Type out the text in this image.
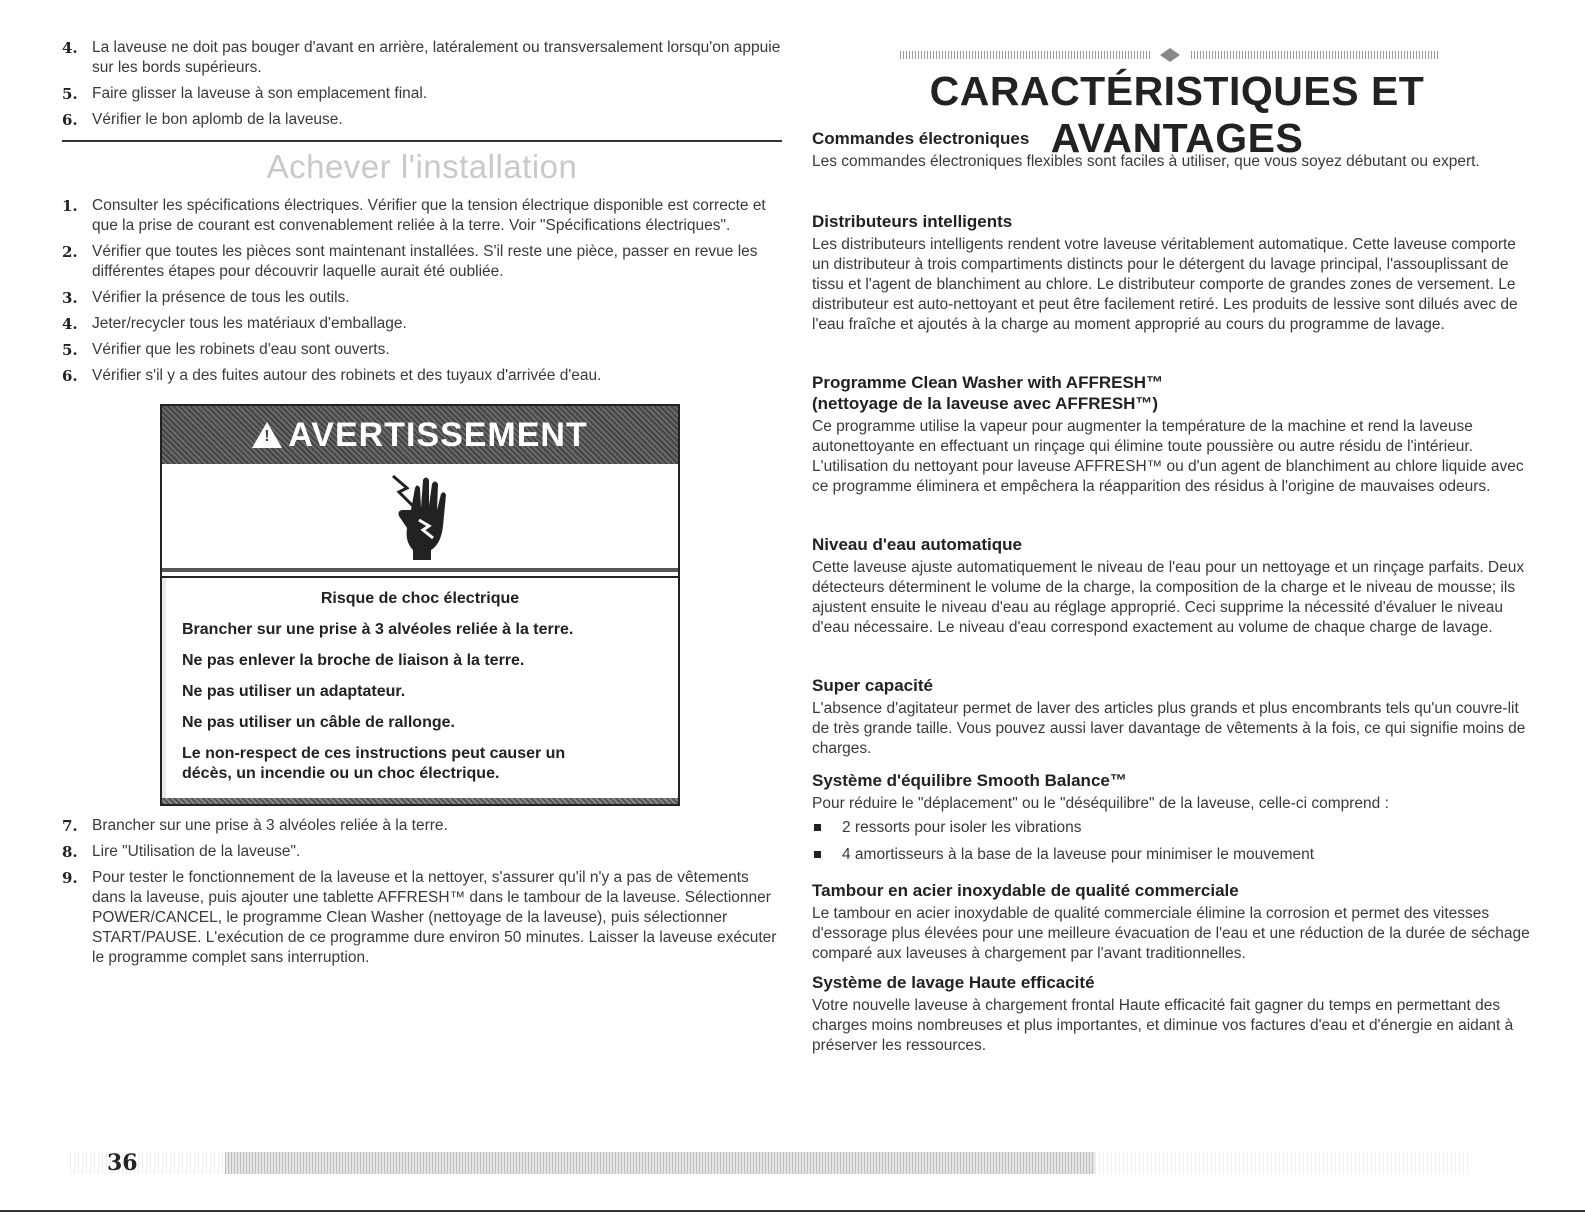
4. La laveuse ne doit pas bouger d'avant en arrière, latéralement ou transversalement lorsqu'on appuie sur les bords supérieurs.
5. Faire glisser la laveuse à son emplacement final.
6. Vérifier le bon aplomb de la laveuse.
Achever l'installation
1. Consulter les spécifications électriques. Vérifier que la tension électrique disponible est correcte et que la prise de courant est convenablement reliée à la terre. Voir "Spécifications électriques".
2. Vérifier que toutes les pièces sont maintenant installées. S'il reste une pièce, passer en revue les différentes étapes pour découvrir laquelle aurait été oubliée.
3. Vérifier la présence de tous les outils.
4. Jeter/recycler tous les matériaux d'emballage.
5. Vérifier que les robinets d'eau sont ouverts.
6. Vérifier s'il y a des fuites autour des robinets et des tuyaux d'arrivée d'eau.
!
AVERTISSEMENT
Risque de choc électrique

Brancher sur une prise à 3 alvéoles reliée à la terre.

Ne pas enlever la broche de liaison à la terre.

Ne pas utiliser un adaptateur.

Ne pas utiliser un câble de rallonge.

Le non-respect de ces instructions peut causer un décès, un incendie ou un choc électrique.

7. Brancher sur une prise à 3 alvéoles reliée à la terre.
8. Lire "Utilisation de la laveuse".
9. Pour tester le fonctionnement de la laveuse et la nettoyer, s'assurer qu'il n'y a pas de vêtements dans la laveuse, puis ajouter une tablette AFFRESH™ dans le tambour de la laveuse. Sélectionner POWER/CANCEL, le programme Clean Washer (nettoyage de la laveuse), puis sélectionner START/PAUSE. L'exécution de ce programme dure environ 50 minutes. Laisser la laveuse exécuter le programme complet sans interruption.
CARACTÉRISTIQUES ET AVANTAGES
Commandes électroniques

Les commandes électroniques flexibles sont faciles à utiliser, que vous soyez débutant ou expert.

Distributeurs intelligents

Les distributeurs intelligents rendent votre laveuse véritablement automatique. Cette laveuse comporte un distributeur à trois compartiments distincts pour le détergent du lavage principal, l'assouplissant de tissu et l'agent de blanchiment au chlore. Le distributeur comporte de grandes zones de versement. Le distributeur est auto-nettoyant et peut être facilement retiré. Les produits de lessive sont dilués avec de l'eau fraîche et ajoutés à la charge au moment approprié au cours du programme de lavage.

Programme Clean Washer with AFFRESH™ (nettoyage de la laveuse avec AFFRESH™)

Ce programme utilise la vapeur pour augmenter la température de la machine et rend la laveuse autonettoyante en effectuant un rinçage qui élimine toute poussière ou autre résidu de l'intérieur. L'utilisation du nettoyant pour laveuse AFFRESH™ ou d'un agent de blanchiment au chlore liquide avec ce programme éliminera et empêchera la réapparition des résidus à l'origine de mauvaises odeurs.

Niveau d'eau automatique

Cette laveuse ajuste automatiquement le niveau de l'eau pour un nettoyage et un rinçage parfaits. Deux détecteurs déterminent le volume de la charge, la composition de la charge et le niveau de mousse; ils ajustent ensuite le niveau d'eau au réglage approprié. Ceci supprime la nécessité d'évaluer le niveau d'eau nécessaire. Le niveau d'eau correspond exactement au volume de chaque charge de lavage.

Super capacité

L'absence d'agitateur permet de laver des articles plus grands et plus encombrants tels qu'un couvre-lit de très grande taille. Vous pouvez aussi laver davantage de vêtements à la fois, ce qui signifie moins de charges.

Système d'équilibre Smooth Balance™

Pour réduire le "déplacement" ou le "déséquilibre" de la laveuse, celle-ci comprend :

2 ressorts pour isoler les vibrations
4 amortisseurs à la base de la laveuse pour minimiser le mouvement
Tambour en acier inoxydable de qualité commerciale

Le tambour en acier inoxydable de qualité commerciale élimine la corrosion et permet des vitesses d'essorage plus élevées pour une meilleure évacuation de l'eau et une réduction de la durée de séchage comparé aux laveuses à chargement par l'avant traditionnelles.

Système de lavage Haute efficacité

Votre nouvelle laveuse à chargement frontal Haute efficacité fait gagner du temps en permettant des charges moins nombreuses et plus importantes, et diminue vos factures d'eau et d'énergie en aidant à préserver les ressources.

36
